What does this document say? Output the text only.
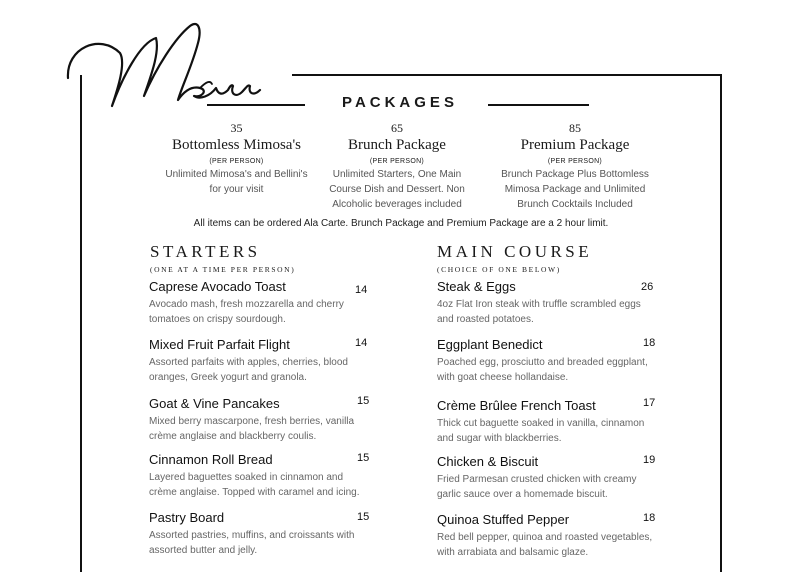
PACKAGES
35
Bottomless Mimosa's
(PER PERSON)
Unlimited Mimosa's and Bellini's for your visit
65
Brunch Package
(PER PERSON)
Unlimited Starters, One Main Course Dish and Dessert. Non Alcoholic beverages included
85
Premium Package
(PER PERSON)
Brunch Package Plus Bottomless Mimosa Package and Unlimited Brunch Cocktails Included
All items can be ordered Ala Carte. Brunch Package and Premium Package are a 2 hour limit.
STARTERS
(ONE AT A TIME PER PERSON)
Caprese Avocado Toast
Avocado mash, fresh mozzarella and cherry tomatoes on crispy sourdough.
14
Mixed Fruit Parfait Flight
Assorted parfaits with apples, cherries, blood oranges, Greek yogurt and granola.
14
Goat & Vine Pancakes
Mixed berry mascarpone, fresh berries, vanilla crème anglaise and blackberry coulis.
15
Cinnamon Roll Bread
Layered baguettes soaked in cinnamon and crème anglaise. Topped with caramel and icing.
15
Pastry Board
Assorted pastries, muffins, and croissants with assorted butter and jelly.
15
MAIN COURSE
(CHOICE OF ONE BELOW)
Steak & Eggs
4oz Flat Iron steak with truffle scrambled eggs and roasted potatoes.
26
Eggplant Benedict
Poached egg, prosciutto and breaded eggplant, with goat cheese hollandaise.
18
Crème Brûlee French Toast
Thick cut baguette soaked in vanilla, cinnamon and sugar with blackberries.
17
Chicken & Biscuit
Fried Parmesan crusted chicken with creamy garlic sauce over a homemade biscuit.
19
Quinoa Stuffed Pepper
Red bell pepper, quinoa and roasted vegetables, with arrabiata and balsamic glaze.
18
